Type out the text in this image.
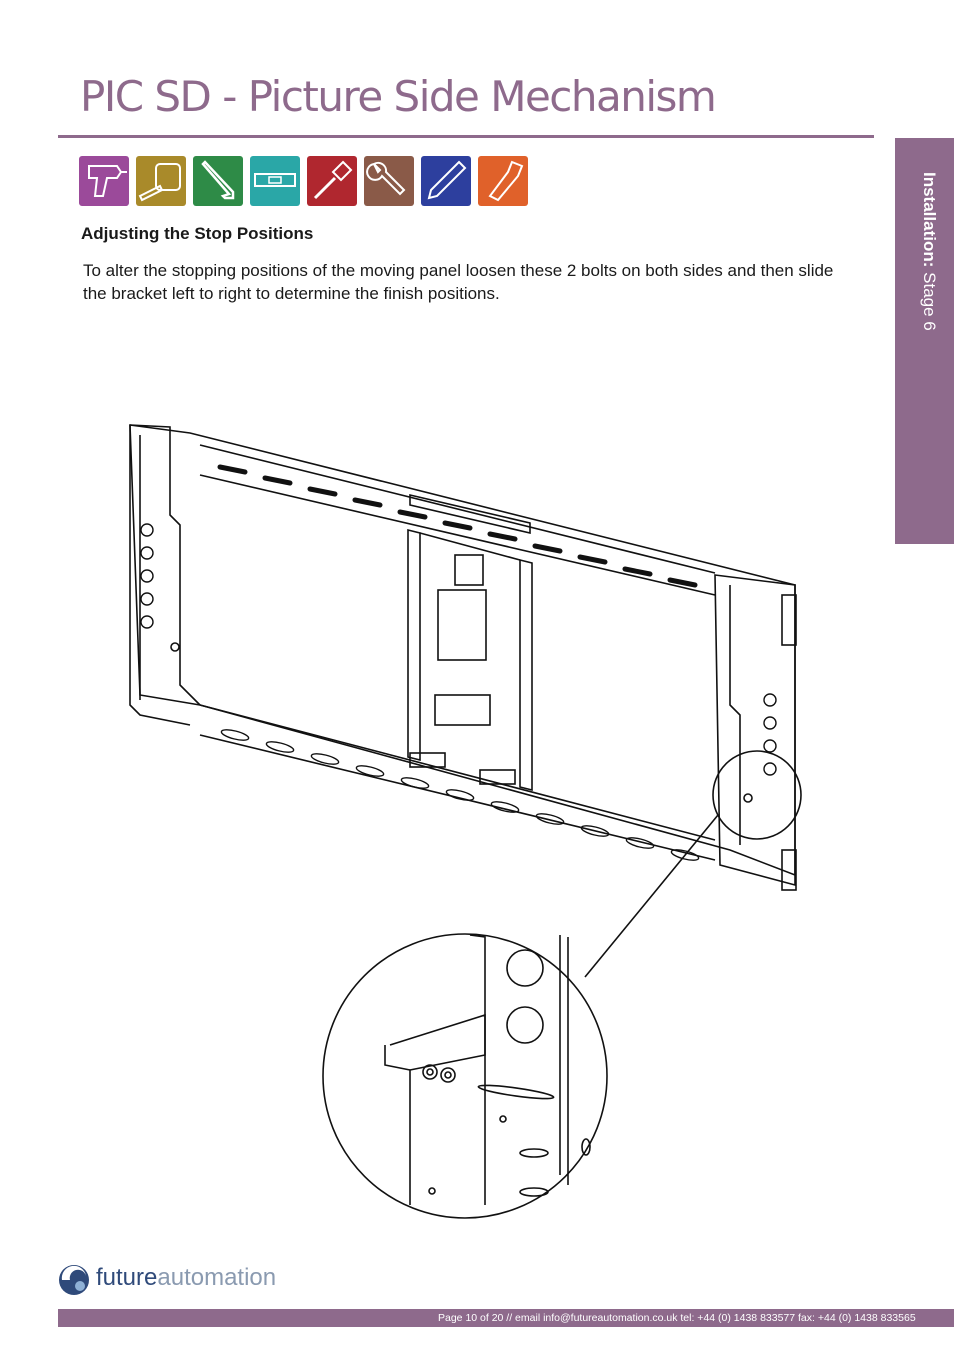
PIC SD - Picture Side Mechanism
Installation: Stage 6
Adjusting the Stop Positions
To alter the stopping positions of the moving panel loosen these 2 bolts on both sides and then slide the bracket left to right to determine the finish positions.
futureautomation
Page 10 of 20 // email info@futureautomation.co.uk tel: +44 (0) 1438 833577 fax: +44 (0) 1438 833565
